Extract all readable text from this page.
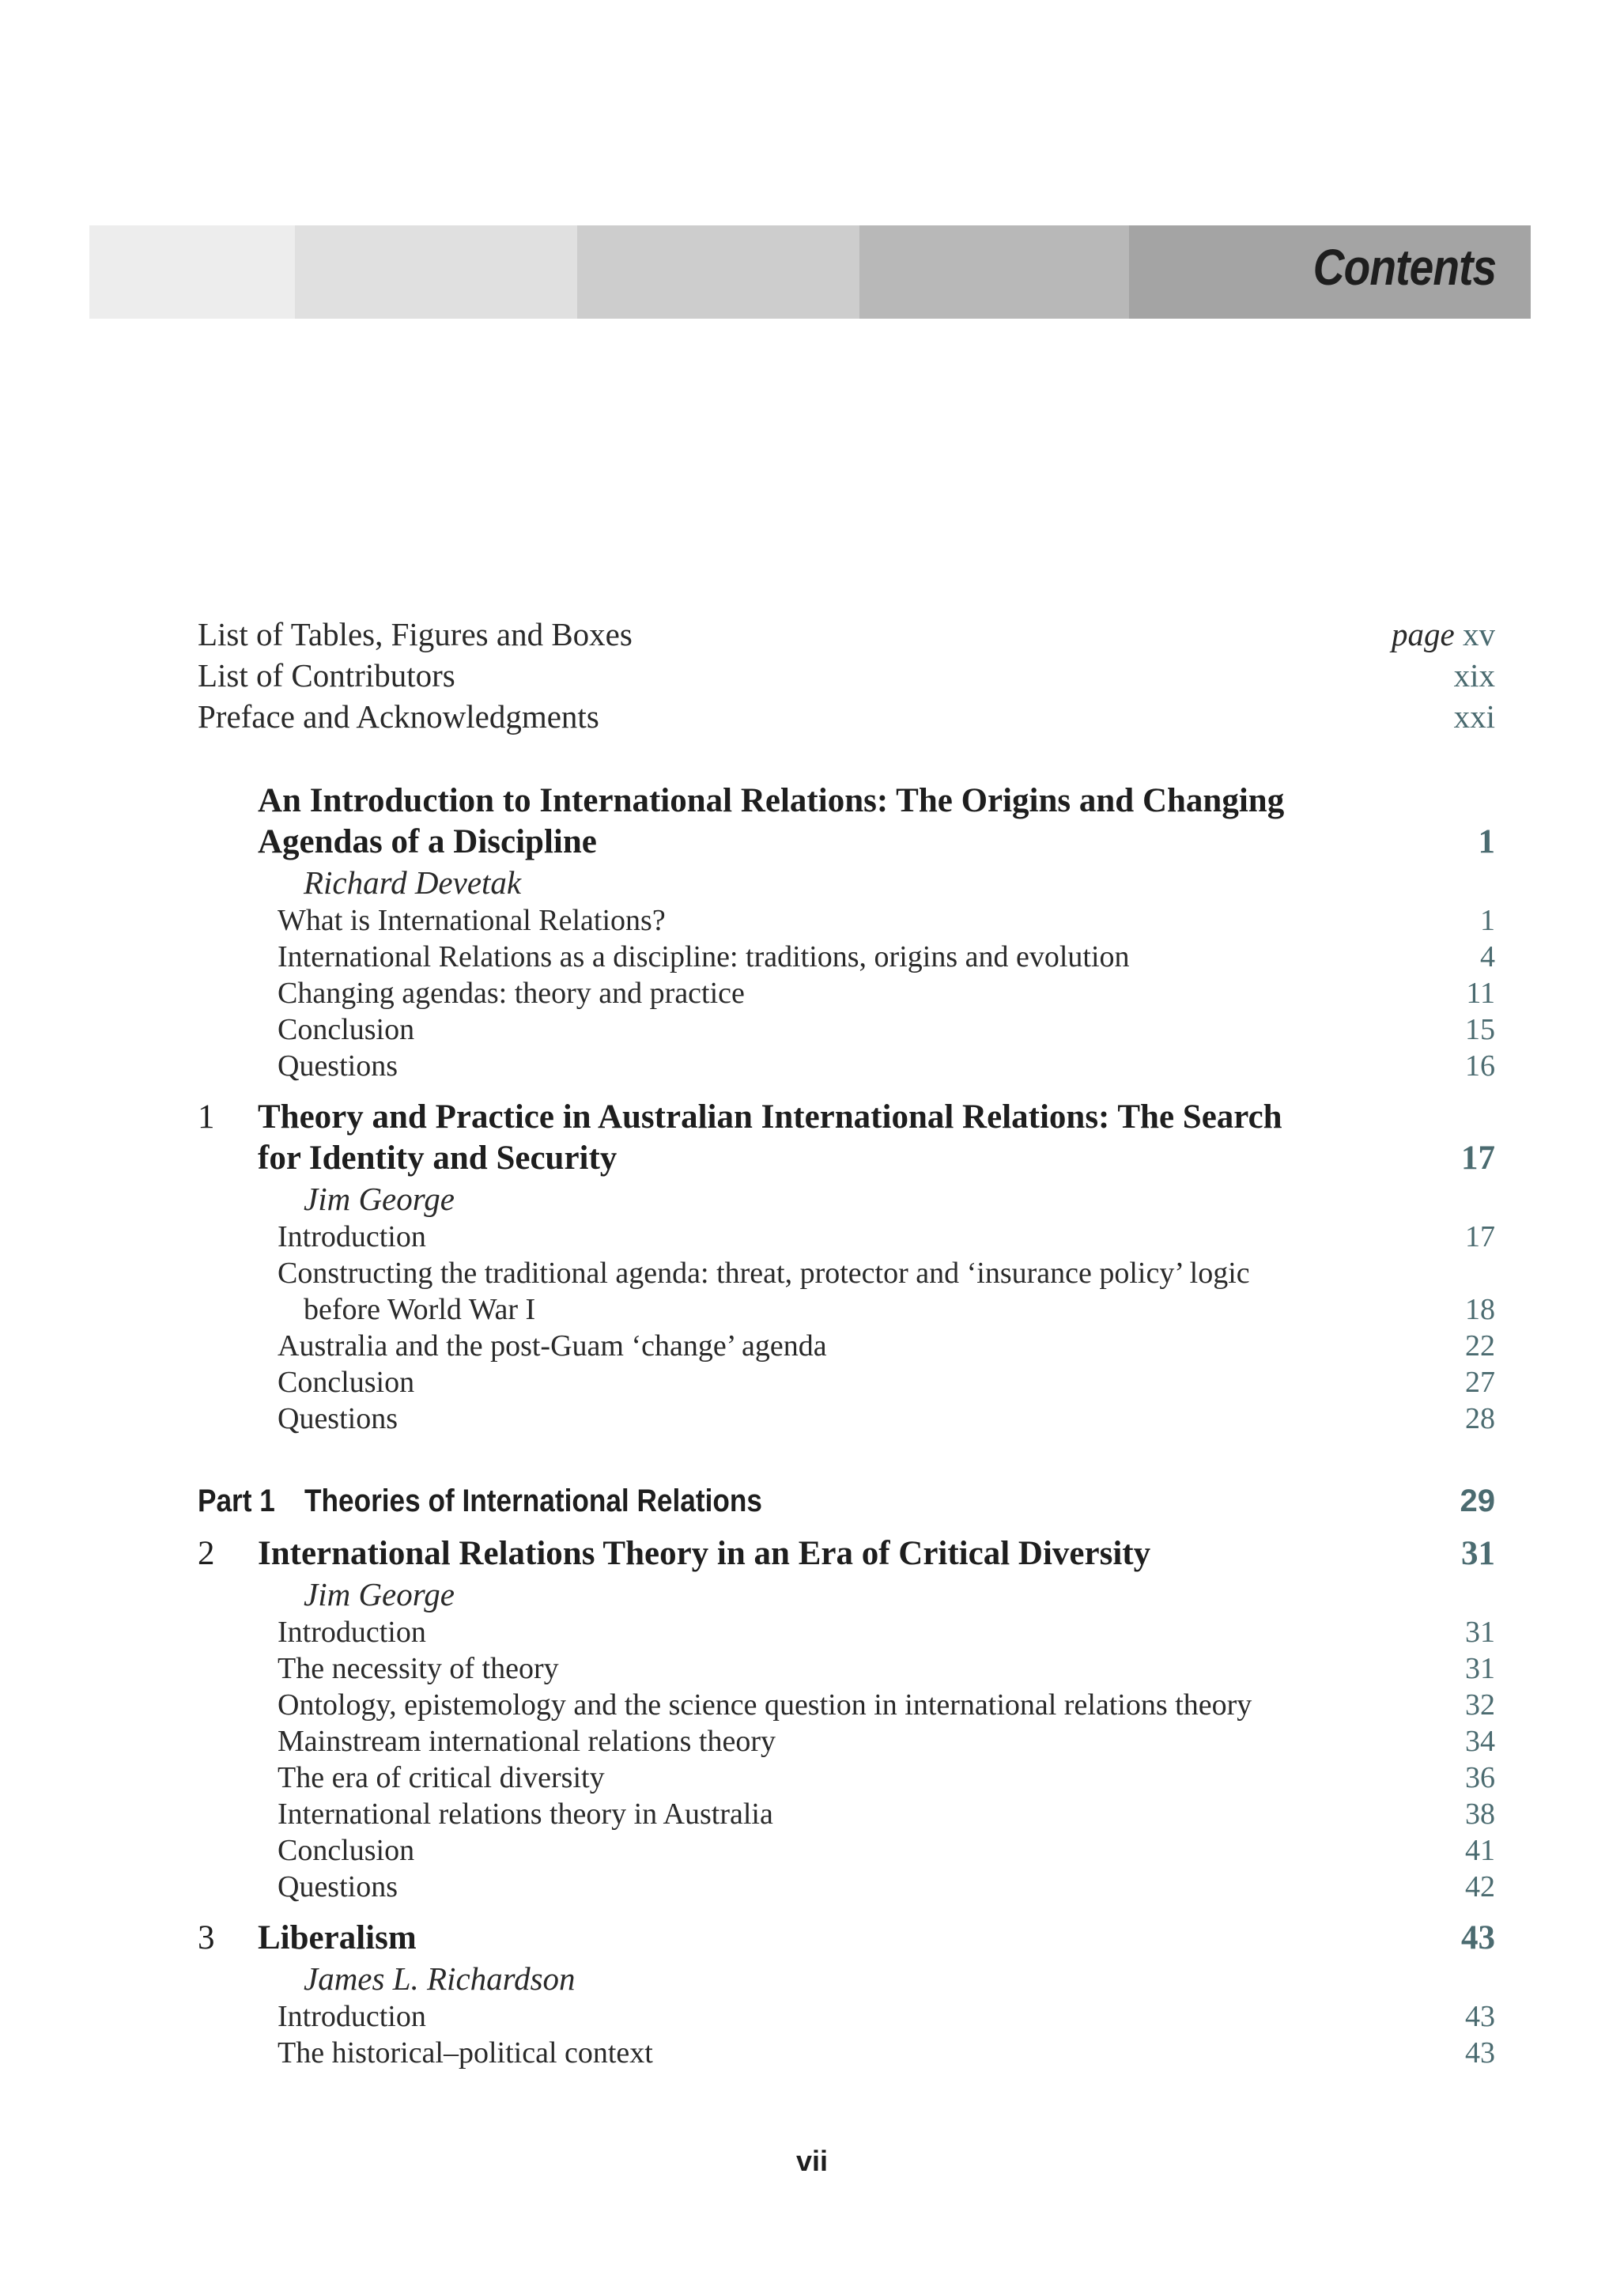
Contents
List of Tables, Figures and Boxes	page xv
List of Contributors	xix
Preface and Acknowledgments	xxi
An Introduction to International Relations: The Origins and Changing
Agendas of a Discipline	1
Richard Devetak
What is International Relations?	1
International Relations as a discipline: traditions, origins and evolution	4
Changing agendas: theory and practice	11
Conclusion	15
Questions	16
1 Theory and Practice in Australian International Relations: The Search
for Identity and Security	17
Jim George
Introduction	17
Constructing the traditional agenda: threat, protector and ‘insurance policy’ logic
before World War I	18
Australia and the post-Guam ‘change’ agenda	22
Conclusion	27
Questions	28
Part 1 Theories of International Relations	29
2 International Relations Theory in an Era of Critical Diversity	31
Jim George
Introduction	31
The necessity of theory	31
Ontology, epistemology and the science question in international relations theory	32
Mainstream international relations theory	34
The era of critical diversity	36
International relations theory in Australia	38
Conclusion	41
Questions	42
3 Liberalism	43
James L. Richardson
Introduction	43
The historical–political context	43
vii
